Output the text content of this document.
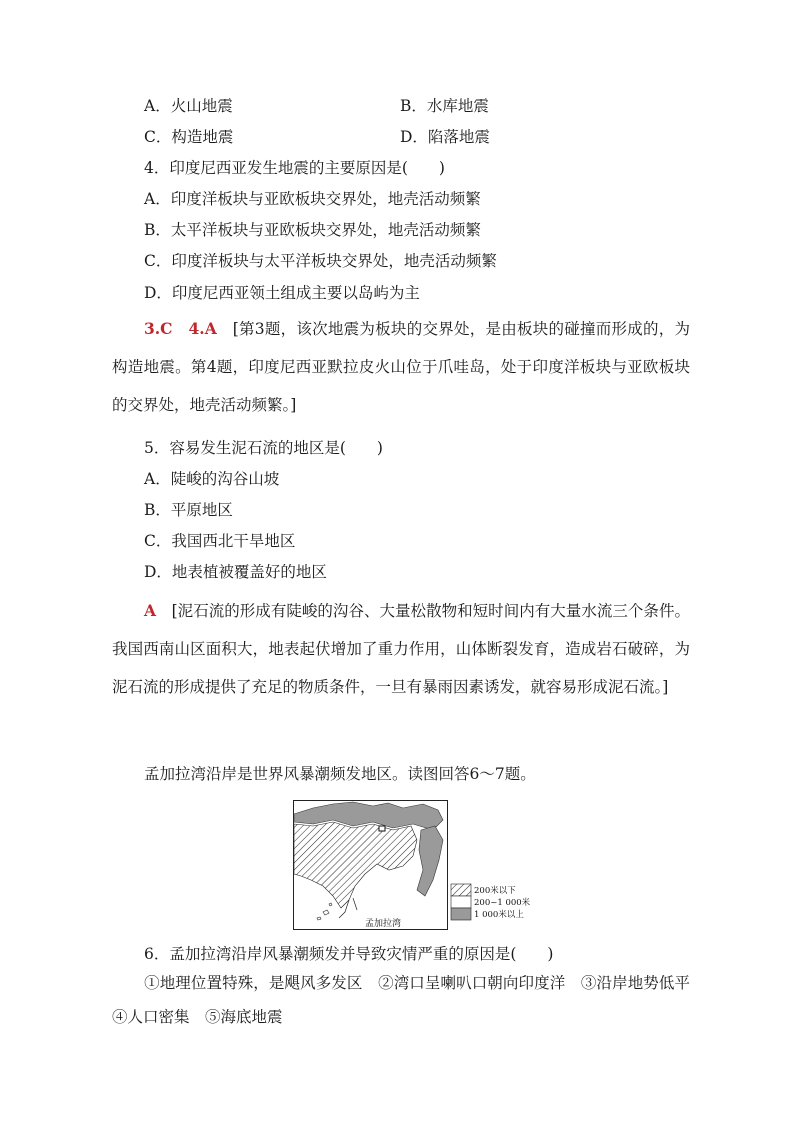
A．火山地震	B．水库地震
C．构造地震	D．陷落地震
4．印度尼西亚发生地震的主要原因是(　　)
A．印度洋板块与亚欧板块交界处，地壳活动频繁
B．太平洋板块与亚欧板块交界处，地壳活动频繁
C．印度洋板块与太平洋板块交界处，地壳活动频繁
D．印度尼西亚领土组成主要以岛屿为主
3.C　4.A　 [第3题，该次地震为板块的交界处，是由板块的碰撞而形成的，为构造地震。第4题，印度尼西亚默拉皮火山位于爪哇岛，处于印度洋板块与亚欧板块的交界处，地壳活动频繁。]
5．容易发生泥石流的地区是(　　)
A．陡峻的沟谷山坡
B．平原地区
C．我国西北干旱地区
D．地表植被覆盖好的地区
A　 [泥石流的形成有陡峻的沟谷、大量松散物和短时间内有大量水流三个条件。我国西南山区面积大，地表起伏增加了重力作用，山体断裂发育，造成岩石破碎，为泥石流的形成提供了充足的物质条件，一旦有暴雨因素诱发，就容易形成泥石流。]
孟加拉湾沿岸是世界风暴潮频发地区。读图回答6～7题。
孟加拉湾
200米以下
200~1 000米
1 000米以上
6．孟加拉湾沿岸风暴潮频发并导致灾情严重的原因是(　　)
①地理位置特殊，是飓风多发区　②湾口呈喇叭口朝向印度洋　③沿岸地势低平　④人口密集　⑤海底地震
